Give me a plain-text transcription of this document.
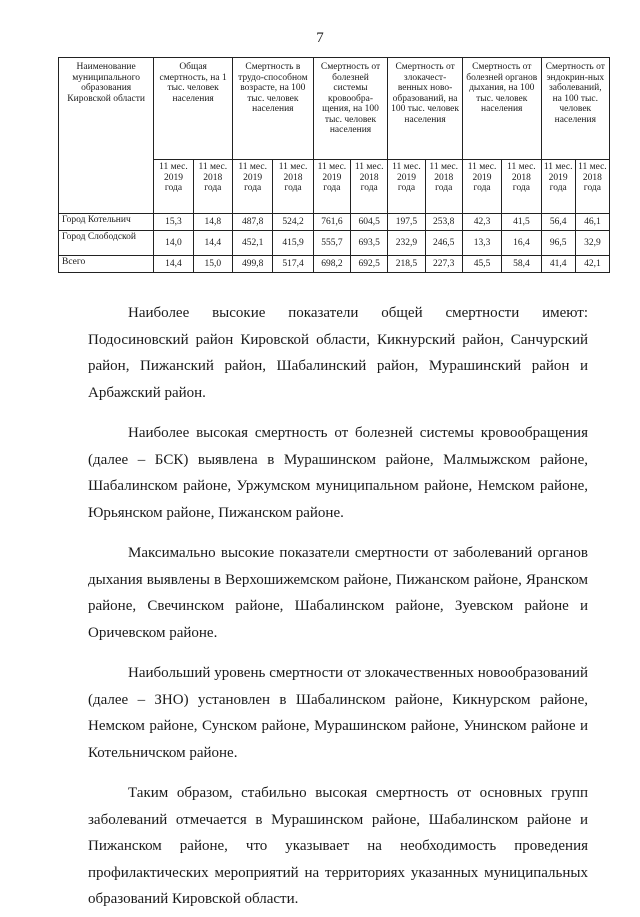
7
Наименование муниципального образования Кировской области	Общая смертность, на 1 тыс. человек населения		Смертность в трудо-способном возрасте, на 100 тыс. человек населения		Смертность от болезней системы кровообра-щения, на 100 тыс. человек населения		Смертность от злокачест-венных ново-образований, на 100 тыс. человек населения		Смертность от болезней органов дыхания, на 100 тыс. человек населения		Смертность от эндокрин-ных заболеваний, на 100 тыс. человек населения	
	11 мес. 2019 года	11 мес. 2018 года	11 мес. 2019 года	11 мес. 2018 года	11 мес. 2019 года	11 мес. 2018 года	11 мес. 2019 года	11 мес. 2018 года	11 мес. 2019 года	11 мес. 2018 года	11 мес. 2019 года	11 мес. 2018 года
Город Котельнич	15,3	14,8	487,8	524,2	761,6	604,5	197,5	253,8	42,3	41,5	56,4	46,1
Город Слободской	14,0	14,4	452,1	415,9	555,7	693,5	232,9	246,5	13,3	16,4	96,5	32,9
Всего	14,4	15,0	499,8	517,4	698,2	692,5	218,5	227,3	45,5	58,4	41,4	42,1

Наиболее высокие показатели общей смертности имеют: Подосиновский район Кировской области, Кикнурский район, Санчурский район, Пижанский район, Шабалинский район, Мурашинский район и Арбажский район.

Наиболее высокая смертность от болезней системы кровообращения (далее – БСК) выявлена в Мурашинском районе, Малмыжском районе, Шабалинском районе, Уржумском муниципальном районе, Немском районе, Юрьянском районе, Пижанском районе.

Максимально высокие показатели смертности от заболеваний органов дыхания выявлены в Верхошижемском районе, Пижанском районе, Яранском районе, Свечинском районе, Шабалинском районе, Зуевском районе и Оричевском районе.

Наибольший уровень смертности от злокачественных новообразований (далее – ЗНО) установлен в Шабалинском районе, Кикнурском районе, Немском районе, Сунском районе, Мурашинском районе, Унинском районе и Котельничском районе.

Таким образом, стабильно высокая смертность от основных групп заболеваний отмечается в Мурашинском районе, Шабалинском районе и Пижанском районе, что указывает на необходимость проведения профилактических мероприятий на территориях указанных муниципальных образований Кировской области.
